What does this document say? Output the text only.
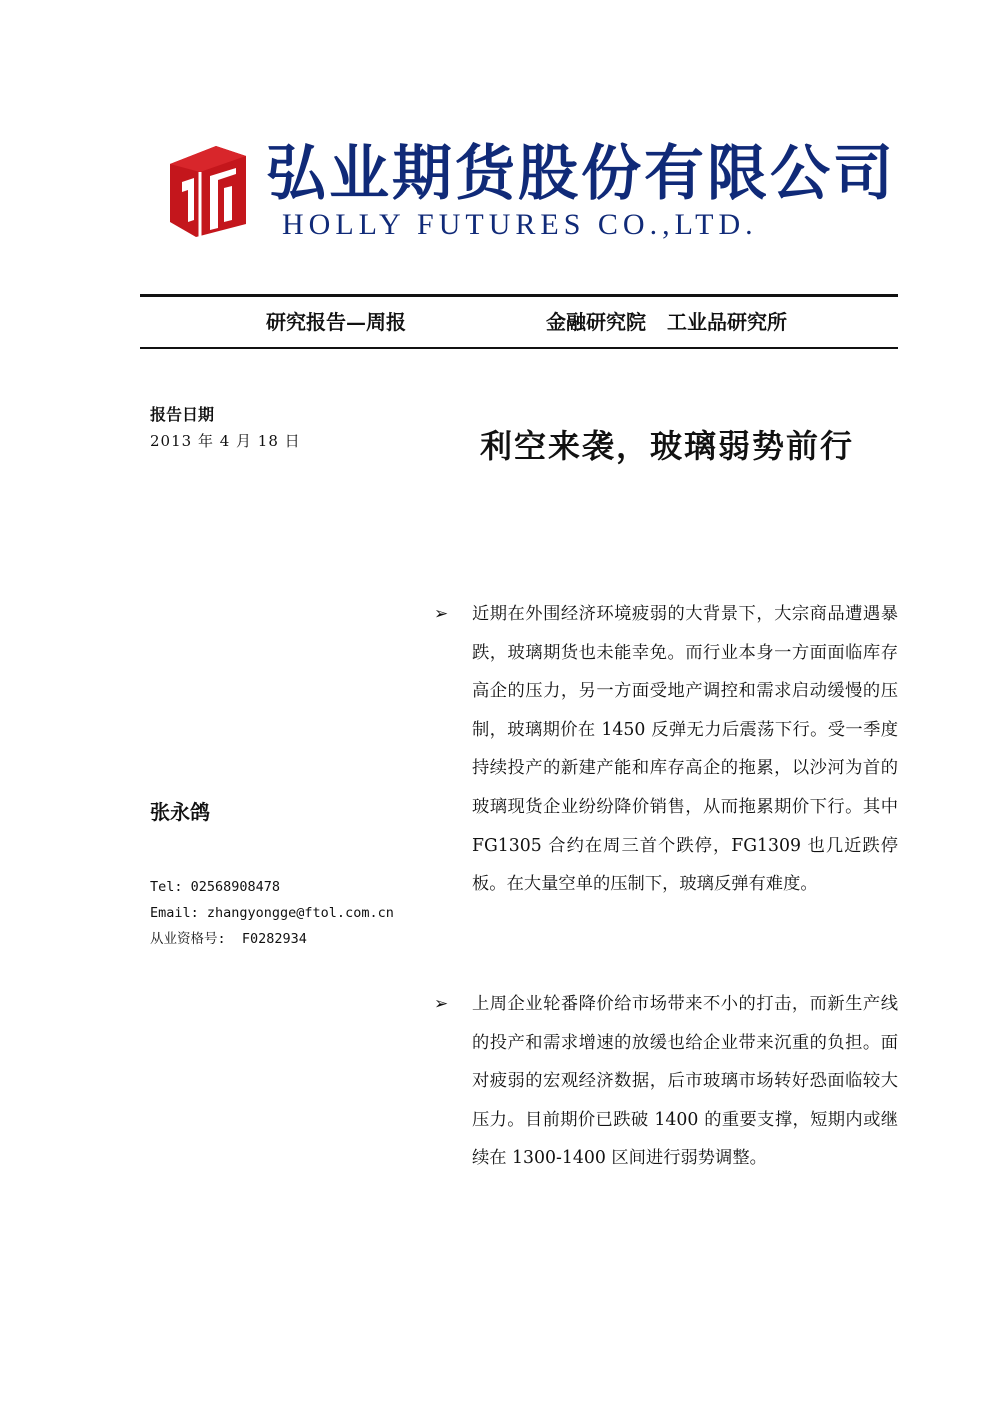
弘业期货股份有限公司
HOLLY FUTURES CO.,LTD.
研究报告—周报	金融研究院 工业品研究所
报告日期
2013 年 4 月 18 日	利空来袭，玻璃弱势前行
张永鸽
Tel: 02568908478
Email: zhangyongge@ftol.com.cn
从业资格号:  F0282934
➢	近期在外围经济环境疲弱的大背景下，大宗商品遭遇暴跌，玻璃期货也未能幸免。而行业本身一方面面临库存高企的压力，另一方面受地产调控和需求启动缓慢的压制，玻璃期价在 1450 反弹无力后震荡下行。受一季度持续投产的新建产能和库存高企的拖累，以沙河为首的玻璃现货企业纷纷降价销售，从而拖累期价下行。其中 FG1305 合约在周三首个跌停，FG1309 也几近跌停板。在大量空单的压制下，玻璃反弹有难度。

➢	上周企业轮番降价给市场带来不小的打击，而新生产线的投产和需求增速的放缓也给企业带来沉重的负担。面对疲弱的宏观经济数据，后市玻璃市场转好恐面临较大压力。目前期价已跌破 1400 的重要支撑，短期内或继续在 1300-1400 区间进行弱势调整。
